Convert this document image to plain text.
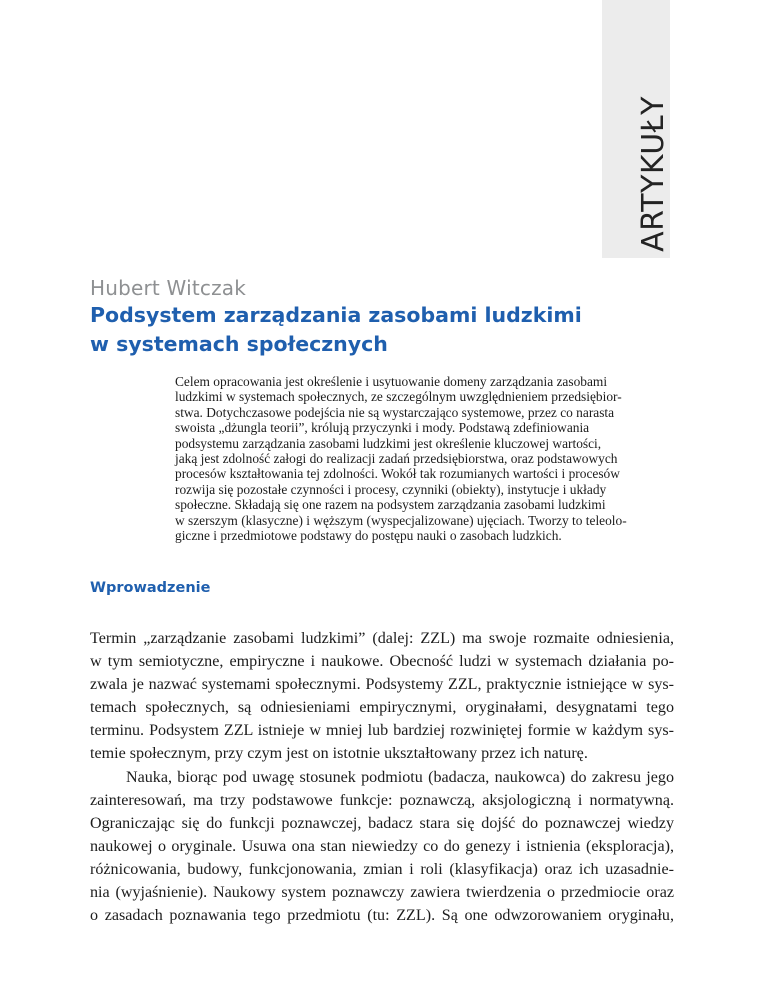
ARTYKUŁY

Hubert Witczak

Podsystem zarządzania zasobami ludzkimi
w systemach społecznych
Celem opracowania jest określenie i usytuowanie domeny zarządzania zasobami
ludzkimi w systemach społecznych, ze szczególnym uwzględnieniem przedsiębior-
stwa. Dotychczasowe podejścia nie są wystarczająco systemowe, przez co narasta
swoista „dżungla teorii”, królują przyczynki i mody. Podstawą zdefiniowania
podsystemu zarządzania zasobami ludzkimi jest określenie kluczowej wartości,
jaką jest zdolność załogi do realizacji zadań przedsiębiorstwa, oraz podstawowych
procesów kształtowania tej zdolności. Wokół tak rozumianych wartości i procesów
rozwija się pozostałe czynności i procesy, czynniki (obiekty), instytucje i układy
społeczne. Składają się one razem na podsystem zarządzania zasobami ludzkimi
w szerszym (klasyczne) i węższym (wyspecjalizowane) ujęciach. Tworzy to teleolo-
giczne i przedmiotowe podstawy do postępu nauki o zasobach ludzkich.
Wprowadzenie
Termin „zarządzanie zasobami ludzkimi” (dalej: ZZL) ma swoje rozmaite odniesienia,
w tym semiotyczne, empiryczne i naukowe. Obecność ludzi w systemach działania po-
zwala je nazwać systemami społecznymi. Podsystemy ZZL, praktycznie istniejące w sys-
temach społecznych, są odniesieniami empirycznymi, oryginałami, desygnatami tego
terminu. Podsystem ZZL istnieje w mniej lub bardziej rozwiniętej formie w każdym sys-
temie społecznym, przy czym jest on istotnie ukształtowany przez ich naturę.
Nauka, biorąc pod uwagę stosunek podmiotu (badacza, naukowca) do zakresu jego
zainteresowań, ma trzy podstawowe funkcje: poznawczą, aksjologiczną i normatywną.
Ograniczając się do funkcji poznawczej, badacz stara się dojść do poznawczej wiedzy
naukowej o oryginale. Usuwa ona stan niewiedzy co do genezy i istnienia (eksploracja),
różnicowania, budowy, funkcjonowania, zmian i roli (klasyfikacja) oraz ich uzasadnie-
nia (wyjaśnienie). Naukowy system poznawczy zawiera twierdzenia o przedmiocie oraz
o zasadach poznawania tego przedmiotu (tu: ZZL). Są one odwzorowaniem oryginału,
